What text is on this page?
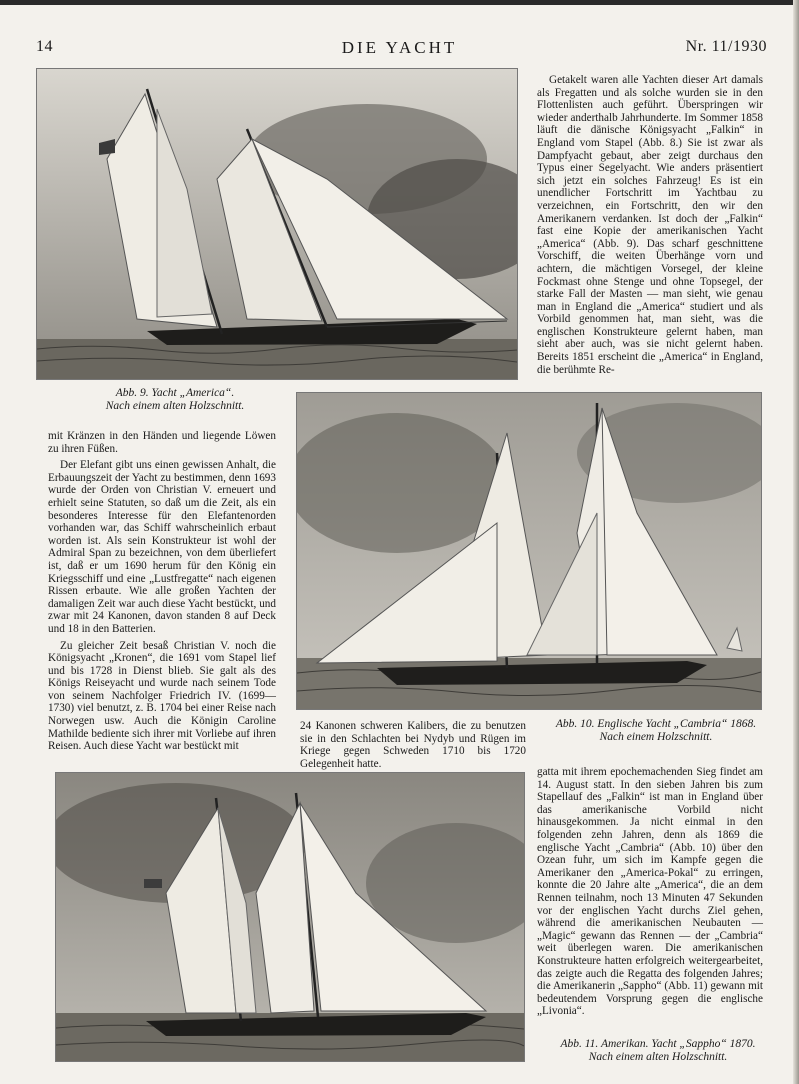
14	DIE YACHT	Nr. 11/1930
Abb. 9. Yacht „America“.
Nach einem alten Holzschnitt.

Getakelt waren alle Yachten dieser Art damals als Fregatten und als solche wurden sie in den Flottenlisten auch geführt. Überspringen wir wieder anderthalb Jahrhunderte. Im Sommer 1858 läuft die dänische Königsyacht „Falkin“ in England vom Stapel (Abb. 8.) Sie ist zwar als Dampfyacht gebaut, aber zeigt durchaus den Typus einer Segelyacht. Wie anders präsentiert sich jetzt ein solches Fahrzeug! Es ist ein unendlicher Fortschritt im Yachtbau zu verzeichnen, ein Fortschritt, den wir den Amerikanern verdanken. Ist doch der „Falkin“ fast eine Kopie der amerikanischen Yacht „America“ (Abb. 9). Das scharf geschnittene Vorschiff, die weiten Überhänge vorn und achtern, die mächtigen Vorsegel, der kleine Fockmast ohne Stenge und ohne Topsegel, der starke Fall der Masten — man sieht, wie genau man in England die „America“ studiert und als Vorbild genommen hat, man sieht, was die englischen Konstrukteure gelernt haben, man sieht aber auch, was sie nicht gelernt haben. Bereits 1851 erscheint die „America“ in England, die berühmte Re-

mit Kränzen in den Händen und liegende Löwen zu ihren Füßen.

Der Elefant gibt uns einen gewissen Anhalt, die Erbauungszeit der Yacht zu bestimmen, denn 1693 wurde der Orden von Christian V. erneuert und erhielt seine Statuten, so daß um die Zeit, als ein besonderes Interesse für den Elefantenorden vorhanden war, das Schiff wahrscheinlich erbaut worden ist. Als sein Konstrukteur ist wohl der Admiral Span zu bezeichnen, von dem überliefert ist, daß er um 1690 herum für den König ein Kriegsschiff und eine „Lustfregatte“ nach eigenen Rissen erbaute. Wie alle großen Yachten der damaligen Zeit war auch diese Yacht bestückt, und zwar mit 24 Kanonen, davon standen 8 auf Deck und 18 in den Batterien.

Zu gleicher Zeit besaß Christian V. noch die Königsyacht „Kronen“, die 1691 vom Stapel lief und bis 1728 in Dienst blieb. Sie galt als des Königs Reiseyacht und wurde nach seinem Tode von seinem Nachfolger Friedrich IV. (1699—1730) viel benutzt, z. B. 1704 bei einer Reise nach Norwegen usw. Auch die Königin Caroline Mathilde bediente sich ihrer mit Vorliebe auf ihren Reisen. Auch diese Yacht war bestückt mit

24 Kanonen schweren Kalibers, die zu benutzen sie in den Schlachten bei Nydyb und Rügen im Kriege gegen Schweden 1710 bis 1720 Gelegenheit hatte.

Abb. 10. Englische Yacht „Cambria“ 1868.
Nach einem Holzschnitt.

gatta mit ihrem epochemachenden Sieg findet am 14. August statt. In den sieben Jahren bis zum Stapellauf des „Falkin“ ist man in England über das amerikanische Vorbild nicht hinausgekommen. Ja nicht einmal in den folgenden zehn Jahren, denn als 1869 die englische Yacht „Cambria“ (Abb. 10) über den Ozean fuhr, um sich im Kampfe gegen die Amerikaner den „America-Pokal“ zu erringen, konnte die 20 Jahre alte „America“, die an dem Rennen teilnahm, noch 13 Minuten 47 Sekunden vor der englischen Yacht durchs Ziel gehen, während die amerikanischen Neubauten — „Magic“ gewann das Rennen — der „Cambria“ weit überlegen waren. Die amerikanischen Konstrukteure hatten erfolgreich weitergearbeitet, das zeigte auch die Regatta des folgenden Jahres; die Amerikanerin „Sappho“ (Abb. 11) gewann mit bedeutendem Vorsprung gegen die englische „Livonia“.

Abb. 11. Amerikan. Yacht „Sappho“ 1870.
Nach einem alten Holzschnitt.
